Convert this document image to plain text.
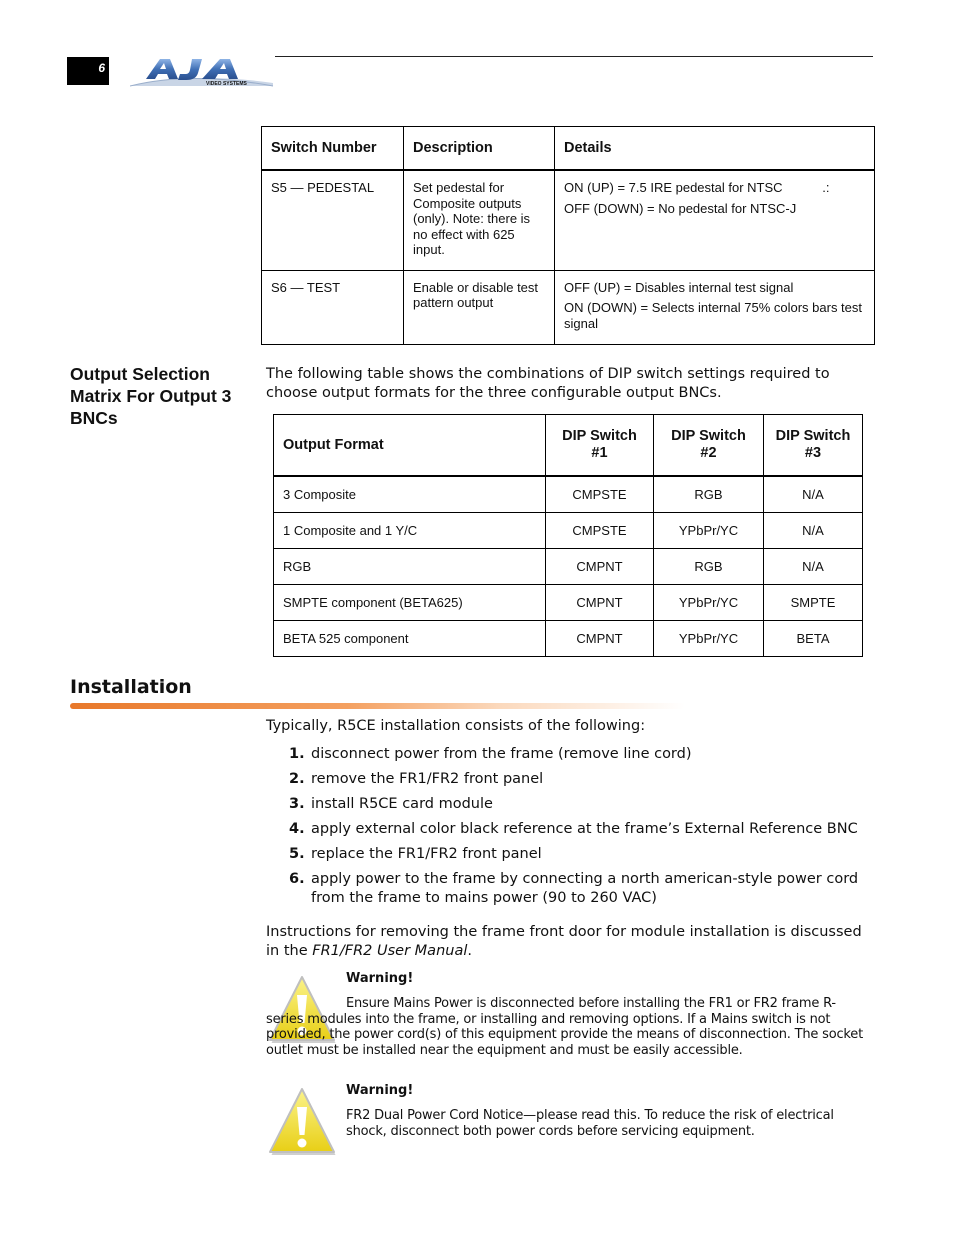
6
VIDEO SYSTEMS
Switch Number	Description	Details
S5 — PEDESTAL	Set pedestal for Composite outputs (only). Note: there is no effect with 625 input.	ON (UP) = 7.5 IRE pedestal for NTSC           .:
OFF (DOWN) = No pedestal for NTSC-J

S6 — TEST	Enable or disable test pattern output	OFF (UP) = Disables internal test signal
ON (DOWN) = Selects internal 75% colors bars test signal
Output Selection Matrix For Output 3 BNCs
The following table shows the combinations of DIP switch settings required to choose output formats for the three configurable output BNCs.
Output Format	DIP Switch #1	DIP Switch #2	DIP Switch #3
3 Composite	CMPSTE	RGB	N/A
1 Composite and 1 Y/C	CMPSTE	YPbPr/YC	N/A
RGB	CMPNT	RGB	N/A
SMPTE component (BETA625)	CMPNT	YPbPr/YC	SMPTE
BETA 525 component	CMPNT	YPbPr/YC	BETA
Installation
Typically, R5CE installation consists of the following:
1. disconnect power from the frame (remove line cord)
2. remove the FR1/FR2 front panel
3. install R5CE card module
4. apply external color black reference at the frame’s External Reference BNC
5. replace the FR1/FR2 front panel
6. apply power to the frame by connecting a north american-style power cord from the frame to mains power (90 to 260 VAC)
Instructions for removing the frame front door for module installation is discussed in the FR1/FR2 User Manual.
Warning!
Ensure Mains Power is disconnected before installing the FR1 or FR2 frame R-series modules into the frame, or installing and removing options. If a Mains switch is not provided, the power cord(s) of this equipment provide the means of disconnection. The socket outlet must be installed near the equipment and must be easily accessible.
Warning!
FR2 Dual Power Cord Notice—please read this. To reduce the risk of electrical shock, disconnect both power cords before servicing equipment.
